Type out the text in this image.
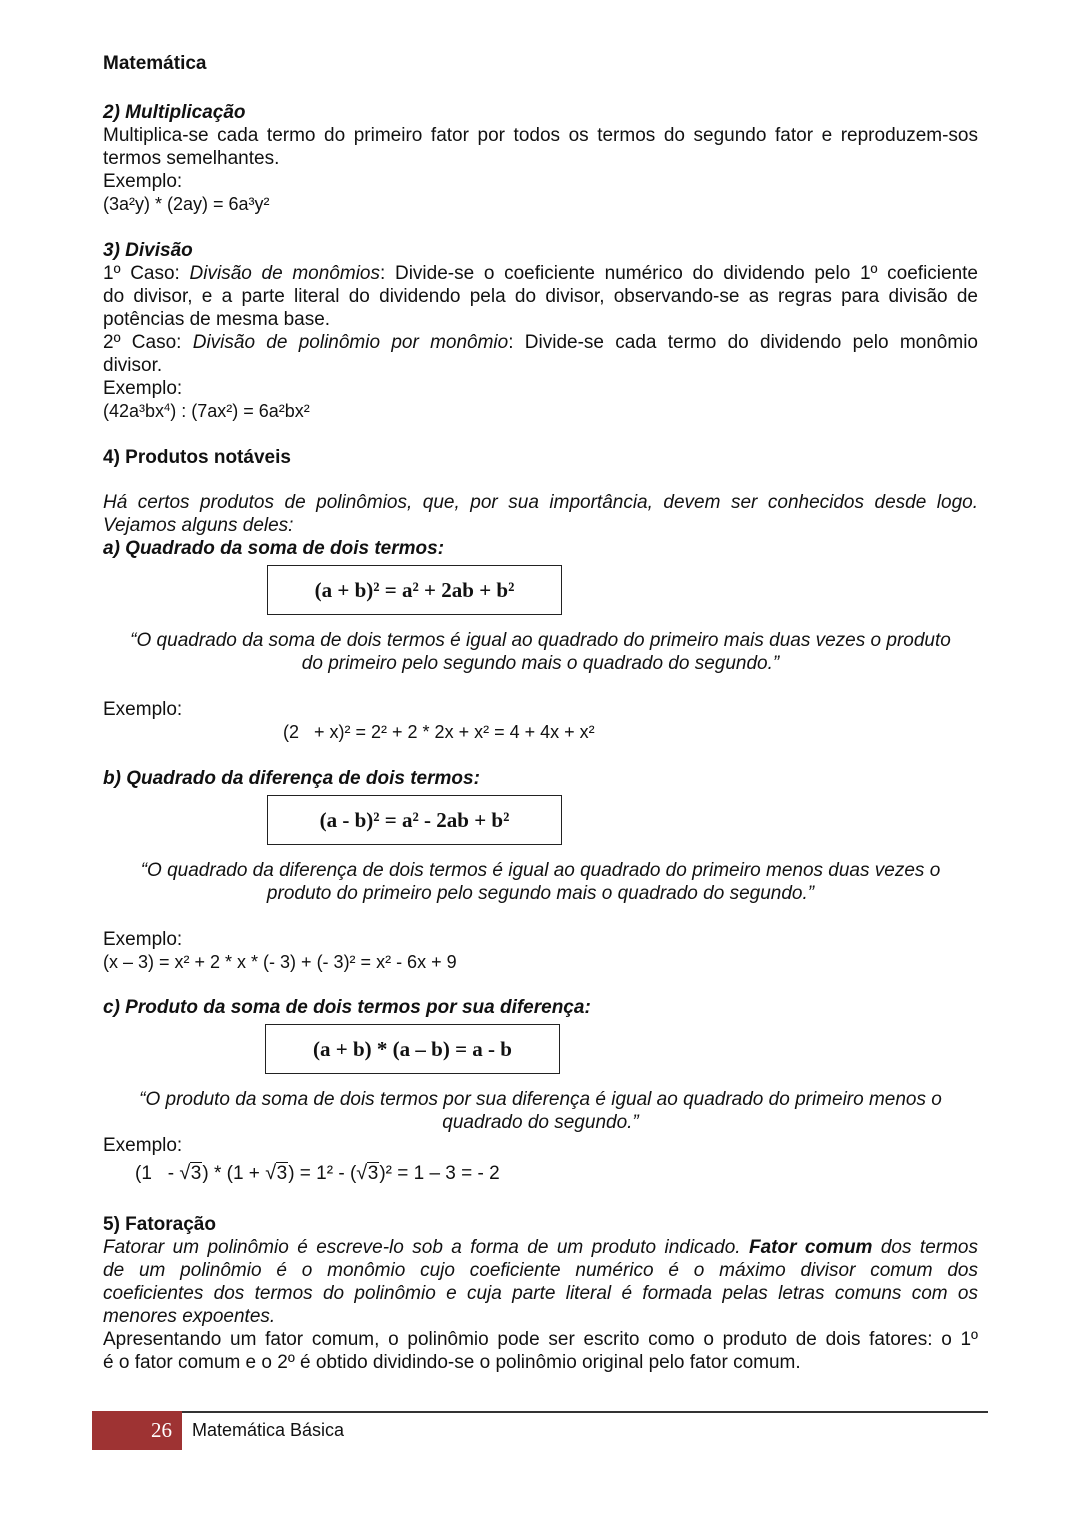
Matemática
2) Multiplicação
Multiplica-se cada termo do primeiro fator por todos os termos do segundo fator e reproduzem-sos
termos semelhantes.
Exemplo:
(3a²y) * (2ay) = 6a³y²
3) Divisão
1º Caso: Divisão de monômios: Divide-se o coeficiente numérico do dividendo pelo 1º coeficiente
do divisor, e a parte literal do dividendo pela do divisor, observando-se as regras para divisão de
potências de mesma base.
2º Caso: Divisão de polinômio por monômio: Divide-se cada termo do dividendo pelo monômio
divisor.
Exemplo:
$(42a^3bx^4)$ : (7ax²) = 6a²bx²
4) Produtos notáveis
Há certos produtos de polinômios, que, por sua importância, devem ser conhecidos desde logo.
Vejamos alguns deles:
a) Quadrado da soma de dois termos:
(a + b)² = a² + 2ab + b²
“O quadrado da soma de dois termos é igual ao quadrado do primeiro mais duas vezes o produto
do primeiro pelo segundo mais o quadrado do segundo.”
Exemplo:
(2   + x)² = 2² + 2 * 2x + x² = 4 + 4x + x²
b) Quadrado da diferença de dois termos:
(a - b)² = a² - 2ab + b²
“O quadrado da diferença de dois termos é igual ao quadrado do primeiro menos duas vezes o
produto do primeiro pelo segundo mais o quadrado do segundo.”
Exemplo:
(x – 3) = x² + 2 * x * (- 3) + (- 3)² = x² - 6x + 9
c) Produto da soma de dois termos por sua diferença:
(a + b) * (a – b) = a - b
“O produto da soma de dois termos por sua diferença é igual ao quadrado do primeiro menos o
quadrado do segundo.”
Exemplo:
(1   - √ 3) * (1 + √ 3) = 1² - ( √ 3)² = 1 – 3 = - 2
5) Fatoração
Fatorar um polinômio é escreve-lo sob a forma de um produto indicado. Fator comum dos termos
de um polinômio é o monômio cujo coeficiente numérico é o máximo divisor comum dos
coeficientes dos termos do polinômio e cuja parte literal é formada pelas letras comuns com os
menores expoentes.
Apresentando um fator comum, o polinômio pode ser escrito como o produto de dois fatores: o 1º
é o fator comum e o 2º é obtido dividindo-se o polinômio original pelo fator comum.
26 Matemática Básica
